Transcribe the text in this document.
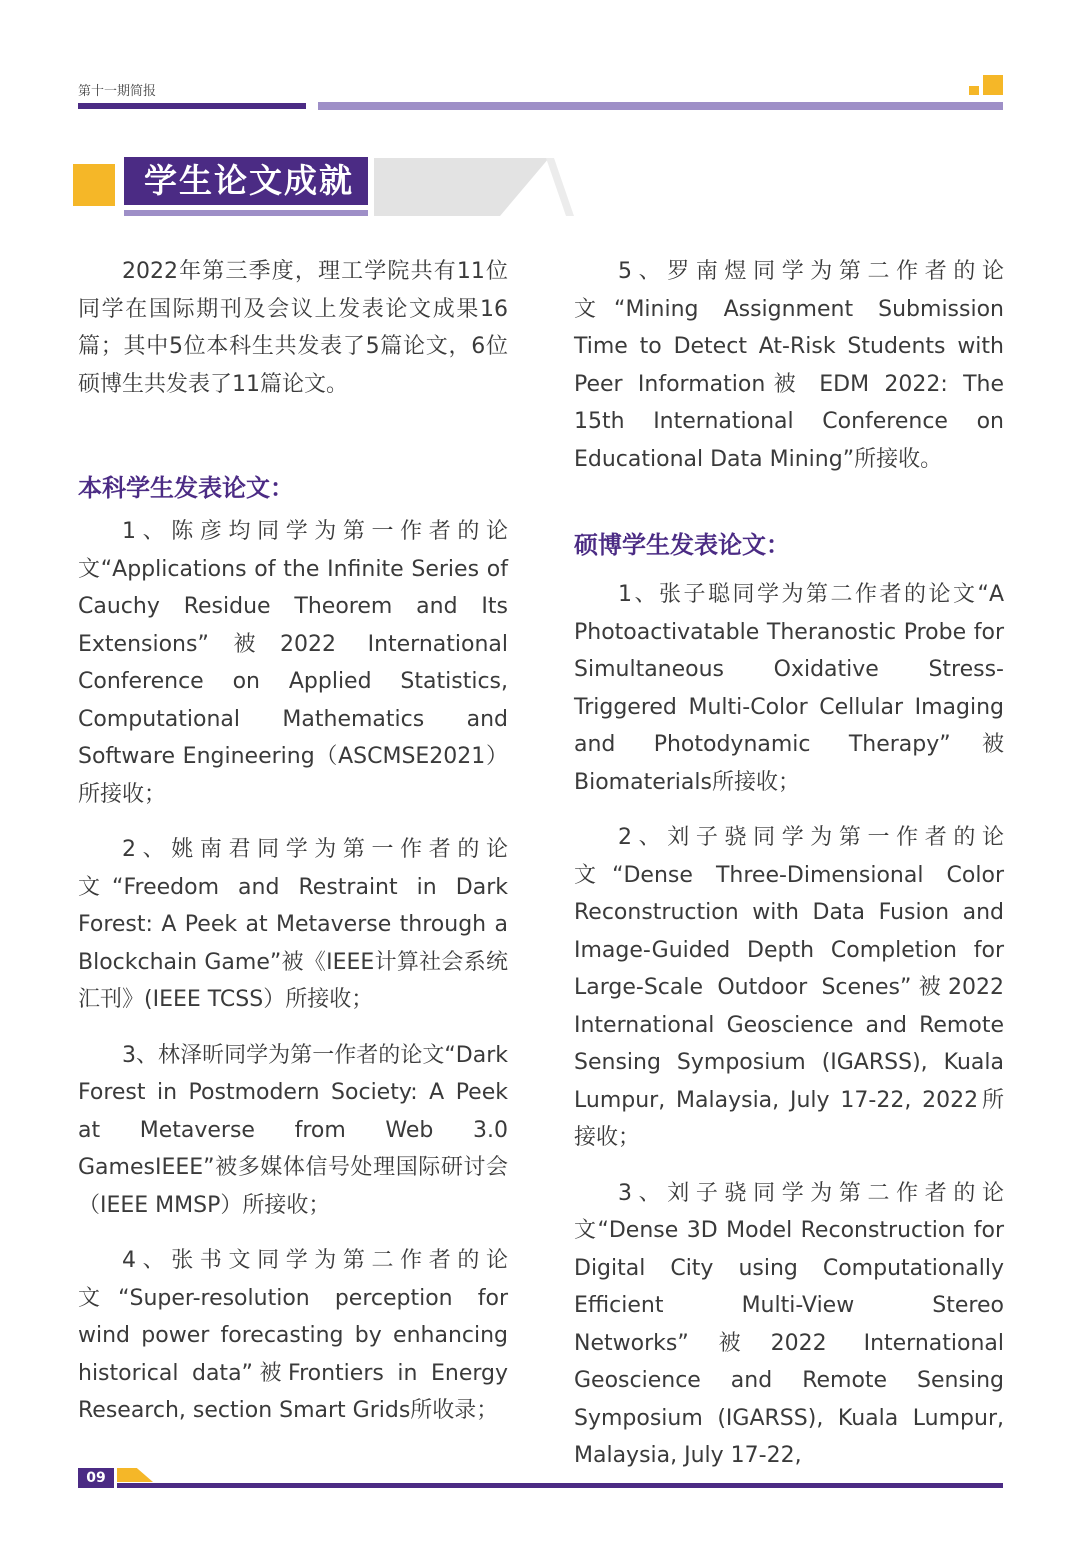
第十一期简报
学生论文成就

2022年第三季度，理工学院共有11位同学在国际期刊及会议上发表论文成果16篇；其中5位本科生共发表了5篇论文，6位硕博生共发表了11篇论文。

本科学生发表论文：

1、陈彦均同学为第一作者的论文“Applications of the Infinite Series of Cauchy Residue Theorem and Its Extensions”被2022 International Conference on Applied Statistics, Computational Mathematics and Software Engineering（ASCMSE2021）所接收；

2、姚南君同学为第一作者的论文“Freedom and Restraint in Dark Forest: A Peek at Metaverse through a Blockchain Game”被《IEEE计算社会系统汇刊》(IEEE TCSS）所接收；

3、林泽昕同学为第一作者的论文“Dark Forest in Postmodern Society: A Peek at Metaverse from Web 3.0 GamesIEEE”被多媒体信号处理国际研讨会（IEEE MMSP）所接收；

4、张书文同学为第二作者的论文“Super-resolution perception for wind power forecasting by enhancing historical data”被Frontiers in Energy Research, section Smart Grids所收录；

5、罗南煜同学为第二作者的论文“Mining Assignment Submission Time to Detect At-Risk Students with Peer Information被 EDM 2022: The 15th International Conference on Educational Data Mining”所接收。

硕博学生发表论文：

1、张子聪同学为第二作者的论文“A Photoactivatable Theranostic Probe for Simultaneous Oxidative Stress-Triggered Multi-Color Cellular Imaging and Photodynamic Therapy”被Biomaterials所接收；

2、刘子骁同学为第一作者的论文“Dense Three-Dimensional Color Reconstruction with Data Fusion and Image-Guided Depth Completion for Large-Scale Outdoor Scenes”被2022 International Geoscience and Remote Sensing Symposium (IGARSS), Kuala Lumpur, Malaysia, July 17-22, 2022所接收；

3、刘子骁同学为第二作者的论文“Dense 3D Model Reconstruction for Digital City using Computationally Efficient Multi-View Stereo Networks”被2022 International Geoscience and Remote Sensing Symposium (IGARSS), Kuala Lumpur, Malaysia, July 17-22,

09
